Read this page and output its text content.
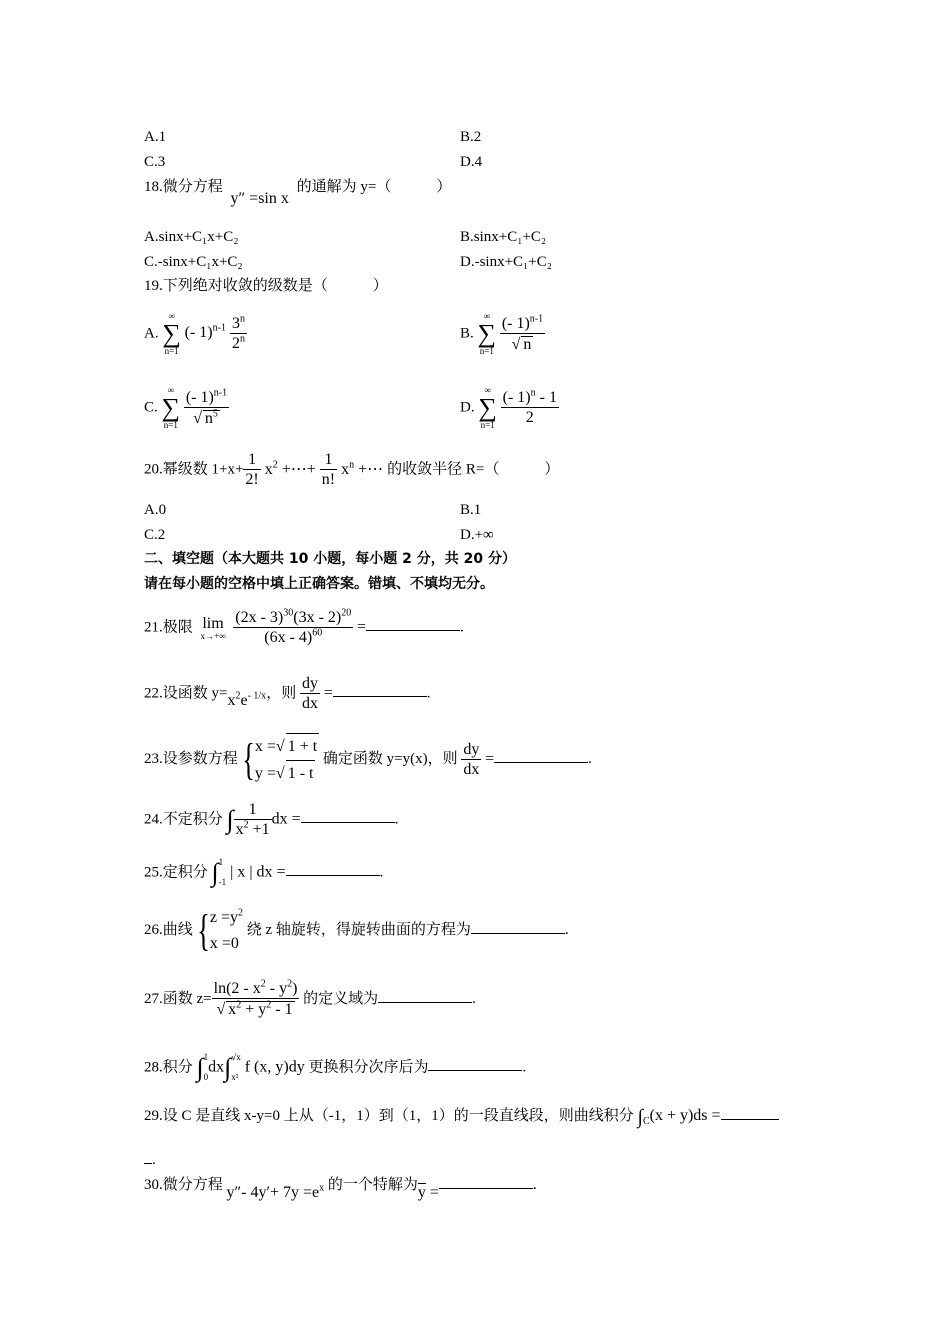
A.1	B.2
C.3	D.4
18.微分方程 y″ =sin x 的通解为 y=（　　　）
A.sinx+C₁x+C₂	B.sinx+C₁+C₂
C.-sinx+C₁x+C₂	D.-sinx+C₁+C₂
19.下列绝对收敛的级数是（　　　）
A.
∞
∑
n=1
(- $1)^{n-1} \frac{3^n}{2^n}$	B.
∞
∑
n=1
$\frac{(- 1)^{n-1}}{√ n}$
C.
∞
∑
n=1
$\frac{(- 1)^{n-1}}{√ n^5}$	D.
∞
∑
n=1
$\frac{(- 1)^n - 1}{2}$
20.幂级数 $1+x+ \frac{1}{2!} x^2$ +⋯+ $\frac{1}{n!} x^n$ +⋯ 的收敛半径 R=（　　　）
A.0	B.1
C.2	D.+∞
二、填空题（本大题共 10 小题，每小题 2 分，共 20 分）
请在每小题的空格中填上正确答案。错填、不填均无分。
21.极限 lim
x→+∞
$\frac{(2x - 3)^{30}(3x - 2)^{20}}{(6x - 4)^{60}}$ =	.
22.设函数 $y=x^2e^{- 1/x}$，则 $\frac{dy}{dx}$ =	.
23.设参数方程{x =√ 1 + t
y =√ 1 - t 确定函数 y=y(x)，则 $\frac{dy}{dx}$ =	.
24.不定积分 ∫ $\frac{1}{x^2 +1}$ dx =	.
25.定积分 ∫1

-1 | x | dx =	.
26.曲线{$z =y^2$
x =0 绕 z 轴旋转，得旋转曲面的方程为	.
27.函数 $z= \frac{\ln(2 - x^2 - y^2)}{√ x^2 + y^2 - 1}$ 的定义域为	.
28.积分 ∫1

0dx∫√x

x² f (x, y)dy 更换积分次序后为	.
29.设 C 是直线 x-y=0 上从（-1，1）到（1，1）的一段直线段，则曲线积分 $\int_C(x + y)ds$ =
.
30.微分方程 y″- $4y'+ 7y =e^x$ 的一个特解为$\overline{y}$ =	.
